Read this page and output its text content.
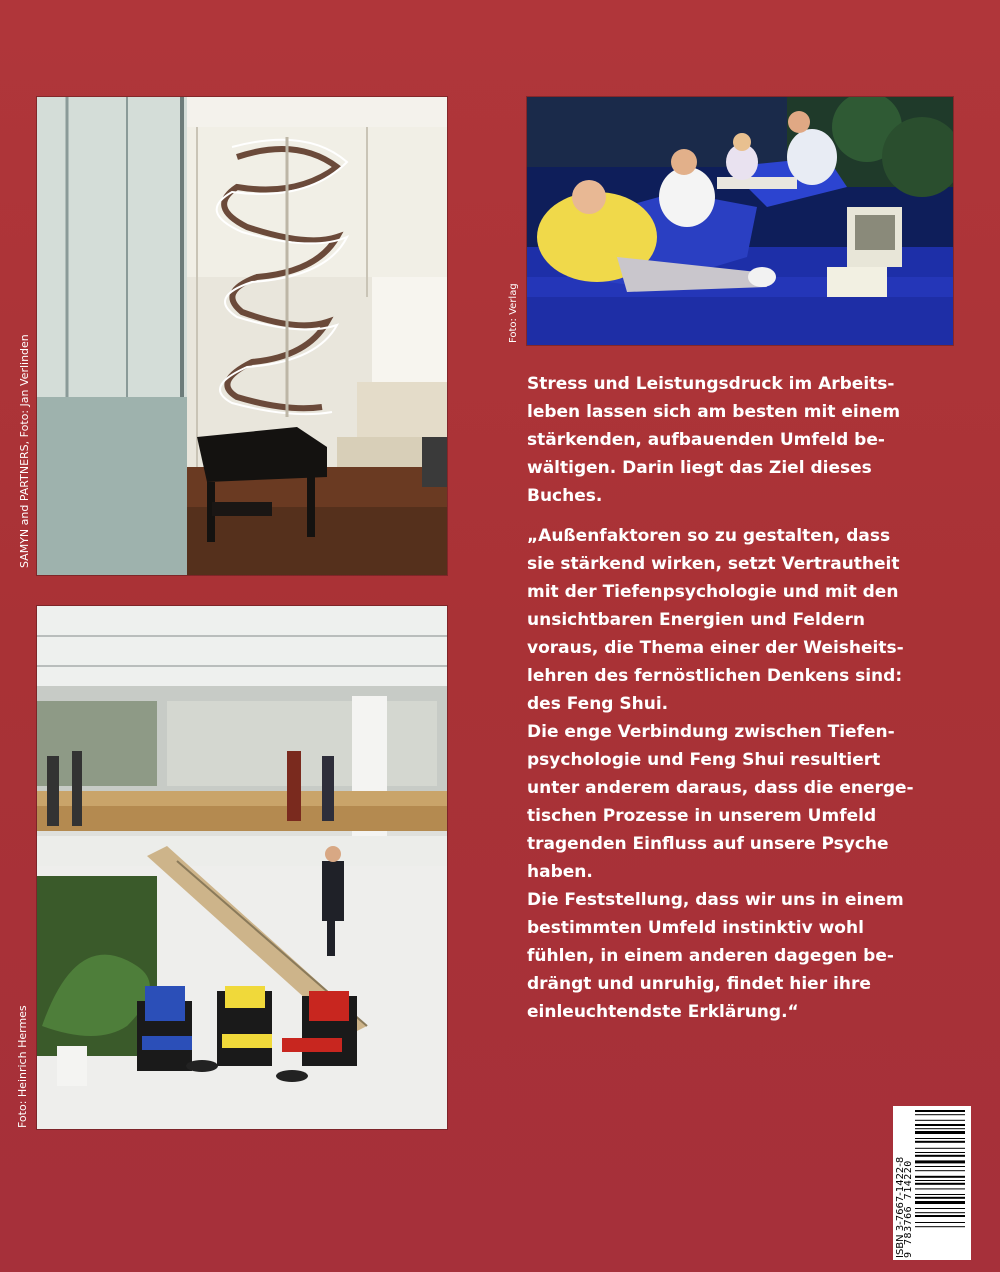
SAMYN and PARTNERS, Foto: Jan Verlinden
Foto: Verlag
Foto: Heinrich Hermes

Stress und Leistungsdruck im Arbeits-
leben lassen sich am besten mit einem
stärkenden, aufbauenden Umfeld be-
wältigen. Darin liegt das Ziel dieses
Buches.

„Außenfaktoren so zu gestalten, dass
sie stärkend wirken, setzt Vertrautheit
mit der Tiefenpsychologie und mit den
unsichtbaren Energien und Feldern
voraus, die Thema einer der Weisheits-
lehren des fernöstlichen Denkens sind:
des Feng Shui.
Die enge Verbindung zwischen Tiefen-
psychologie und Feng Shui resultiert
unter anderem daraus, dass die energe-
tischen Prozesse in unserem Umfeld
tragenden Einfluss auf unsere Psyche
haben.
Die Feststellung, dass wir uns in einem
bestimmten Umfeld instinktiv wohl
fühlen, in einem anderen dagegen be-
drängt und unruhig, findet hier ihre
einleuchtendste Erklärung.“

ISBN 3-7667-1422-8
9 783766 714220
